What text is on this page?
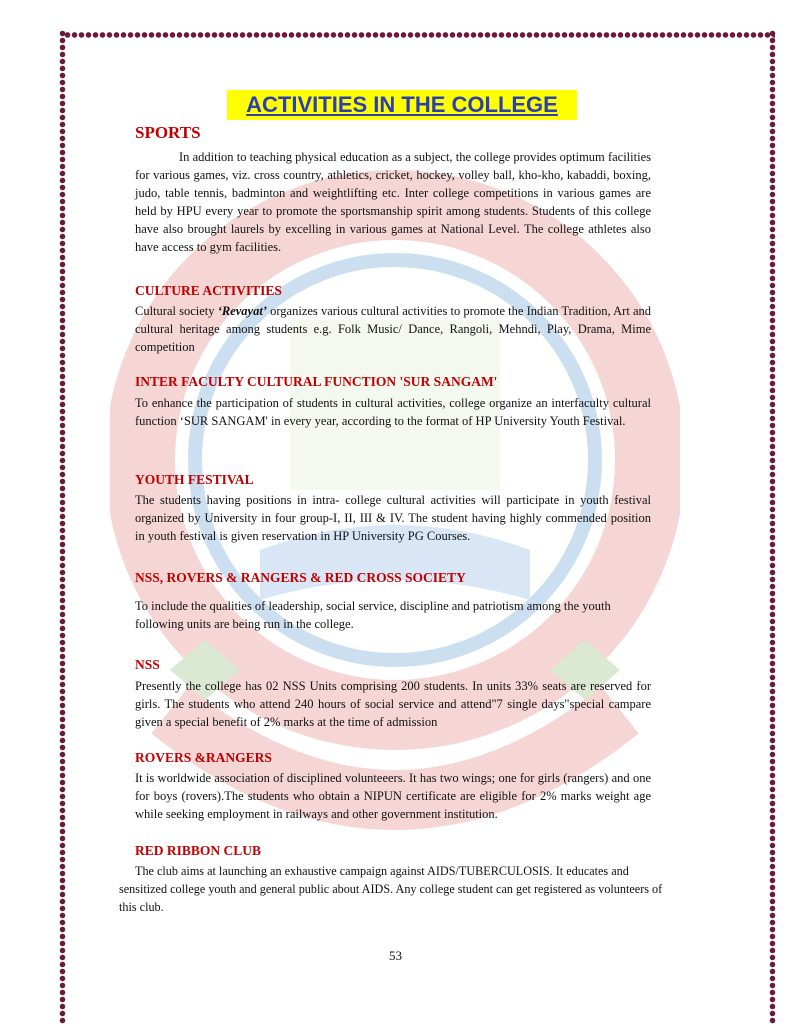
ACTIVITIES IN THE COLLEGE
SPORTS
In addition to teaching physical education as a subject, the college provides optimum facilities for various games, viz. cross country, athletics, cricket, hockey, volley ball, kho-kho, kabaddi, boxing, judo, table tennis, badminton and weightlifting etc. Inter college competitions in various games are held by HPU every year to promote the sportsmanship spirit among students. Students of this college have also brought laurels by excelling in various games at National Level. The college athletes also have access to gym facilities.
CULTURE ACTIVITIES
Cultural society ‘Revayat’ organizes various cultural activities to promote the Indian Tradition, Art and cultural heritage among students e.g. Folk Music/ Dance, Rangoli, Mehndi, Play, Drama, Mime competition
INTER FACULTY CULTURAL FUNCTION 'SUR SANGAM'
To enhance the participation of students in cultural activities, college organize an interfaculty cultural function ‘SUR SANGAM' in every year, according to the format of HP University Youth Festival.
YOUTH FESTIVAL
The students having positions in intra- college cultural activities will participate in youth festival organized by University in four group-I, II, III & IV. The student having highly commended position in youth festival is given reservation in HP University PG Courses.
NSS, ROVERS & RANGERS & RED CROSS SOCIETY
To include the qualities of leadership, social service, discipline and patriotism among the youth following units are being run in the college.
NSS
Presently the college has 02 NSS Units comprising 200 students. In units 33% seats are reserved for girls. The students who attend 240 hours of social service and attend"7 single days"special campare given a special benefit of 2% marks at the time of admission
ROVERS &RANGERS
It is worldwide association of disciplined volunteeers. It has two wings; one for girls (rangers) and one for boys (rovers).The students who obtain a NIPUN certificate are eligible for 2% marks weight age while seeking employment in railways and other government institution.
RED RIBBON CLUB
The club aims at launching an exhaustive campaign against AIDS/TUBERCULOSIS. It educates and sensitized college youth and general public about AIDS. Any college student can get registered as volunteers of this club.
53
